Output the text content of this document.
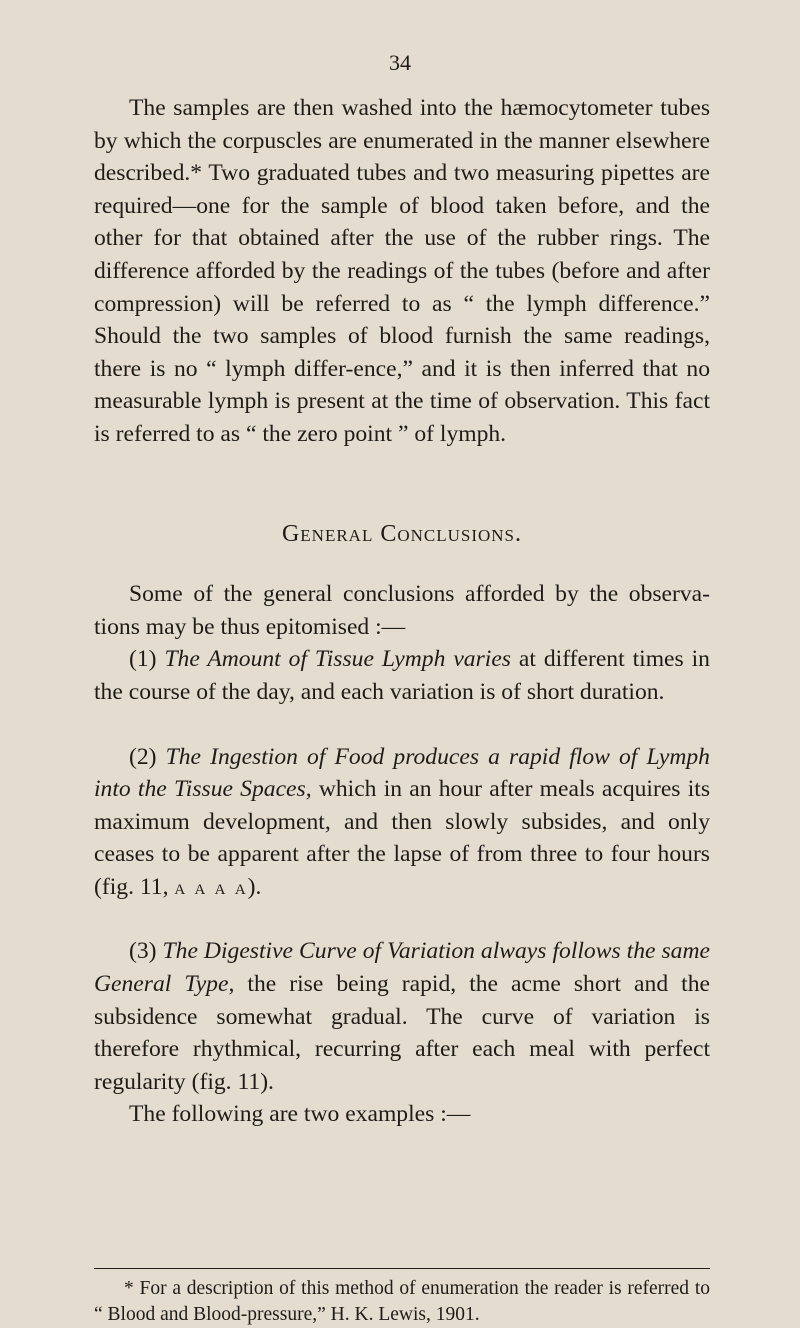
34

The samples are then washed into the hæmocytometer tubes by which the corpuscles are enumerated in the manner elsewhere described.* Two graduated tubes and two measuring pipettes are required—one for the sample of blood taken before, and the other for that obtained after the use of the rubber rings. The difference afforded by the readings of the tubes (before and after compression) will be referred to as “ the lymph difference.” Should the two samples of blood furnish the same readings, there is no “ lymph differ-ence,” and it is then inferred that no measurable lymph is present at the time of observation. This fact is referred to as “ the zero point ” of lymph.

General Conclusions.

Some of the general conclusions afforded by the observa-tions may be thus epitomised :—

(1) The Amount of Tissue Lymph varies at different times in the course of the day, and each variation is of short duration.

(2) The Ingestion of Food produces a rapid flow of Lymph into the Tissue Spaces, which in an hour after meals acquires its maximum development, and then slowly subsides, and only ceases to be apparent after the lapse of from three to four hours (fig. 11, a a a a).

(3) The Digestive Curve of Variation always follows the same General Type, the rise being rapid, the acme short and the subsidence somewhat gradual. The curve of variation is therefore rhythmical, recurring after each meal with perfect regularity (fig. 11).

The following are two examples :—

* For a description of this method of enumeration the reader is referred to “ Blood and Blood-pressure,” H. K. Lewis, 1901.
